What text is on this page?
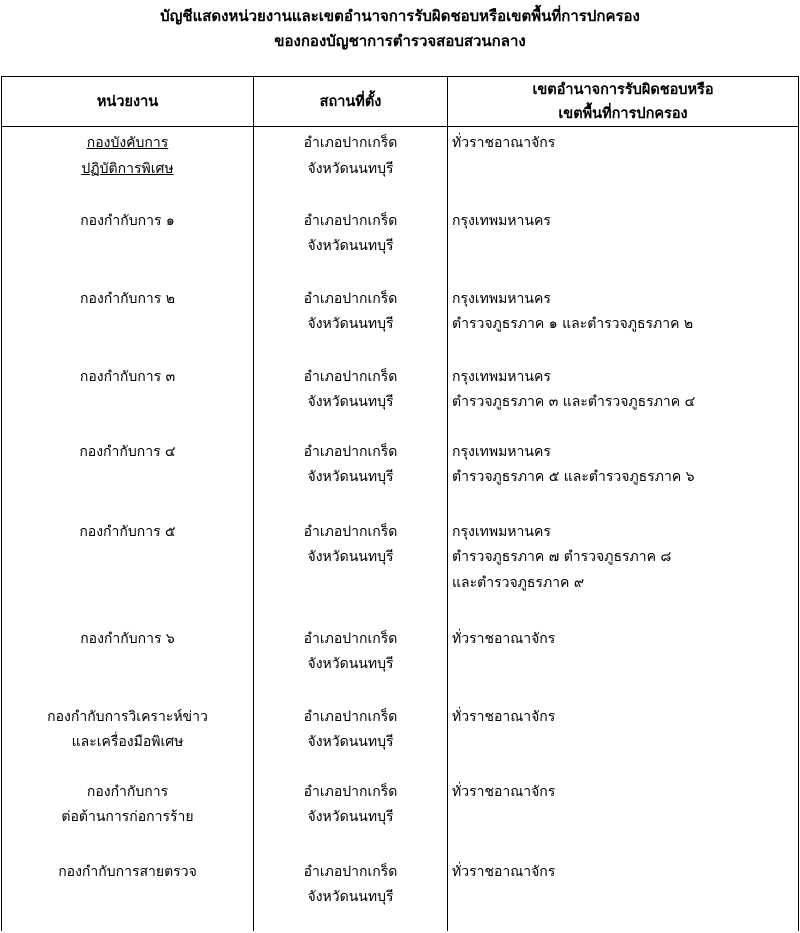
บัญชีแสดงหน่วยงานและเขตอำนาจการรับผิดชอบหรือเขตพื้นที่การปกครอง
ของกองบัญชาการตำรวจสอบสวนกลาง
หน่วยงาน	สถานที่ตั้ง	เขตอำนาจการรับผิดชอบหรือ
เขตพื้นที่การปกครอง

กองบังคับการ
ปฏิบัติการพิเศษ	อำเภอปากเกร็ด
จังหวัดนนทบุรี	ทั่วราชอาณาจักร

กองกำกับการ ๑	อำเภอปากเกร็ด
จังหวัดนนทบุรี	กรุงเทพมหานคร

กองกำกับการ ๒	อำเภอปากเกร็ด
จังหวัดนนทบุรี	กรุงเทพมหานคร
ตำรวจภูธรภาค ๑ และตำรวจภูธรภาค ๒

กองกำกับการ ๓	อำเภอปากเกร็ด
จังหวัดนนทบุรี	กรุงเทพมหานคร
ตำรวจภูธรภาค ๓ และตำรวจภูธรภาค ๔

กองกำกับการ ๔	อำเภอปากเกร็ด
จังหวัดนนทบุรี	กรุงเทพมหานคร
ตำรวจภูธรภาค ๕ และตำรวจภูธรภาค ๖

กองกำกับการ ๕	อำเภอปากเกร็ด
จังหวัดนนทบุรี	กรุงเทพมหานคร
ตำรวจภูธรภาค ๗ ตำรวจภูธรภาค ๘
และตำรวจภูธรภาค ๙

กองกำกับการ ๖	อำเภอปากเกร็ด
จังหวัดนนทบุรี	ทั่วราชอาณาจักร

กองกำกับการวิเคราะห์ข่าว
และเครื่องมือพิเศษ	อำเภอปากเกร็ด
จังหวัดนนทบุรี	ทั่วราชอาณาจักร

กองกำกับการ
ต่อต้านการก่อการร้าย	อำเภอปากเกร็ด
จังหวัดนนทบุรี	ทั่วราชอาณาจักร

กองกำกับการสายตรวจ	อำเภอปากเกร็ด
จังหวัดนนทบุรี	ทั่วราชอาณาจักร
